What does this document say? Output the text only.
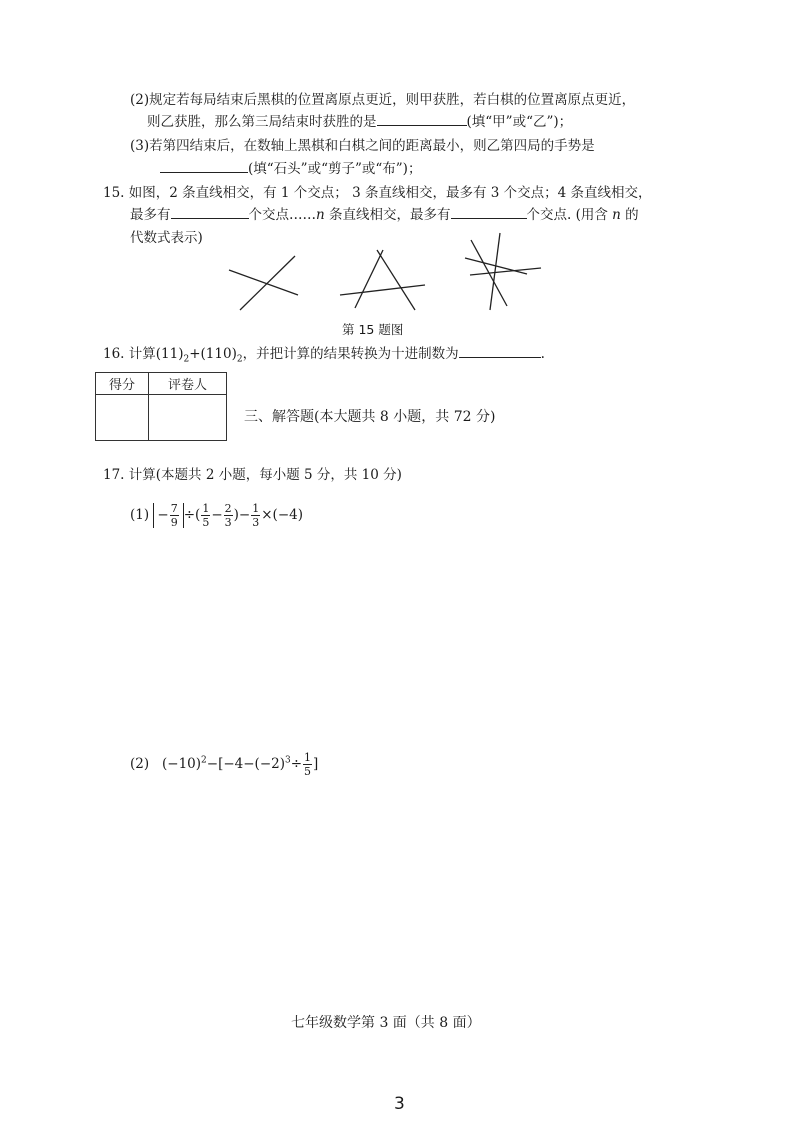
(2)规定若每局结束后黑棋的位置离原点更近，则甲获胜，若白棋的位置离原点更近，
则乙获胜，那么第三局结束时获胜的是	(填“甲”或“乙”)；
(3)若第四结束后，在数轴上黑棋和白棋之间的距离最小，则乙第四局的手势是
(填“石头”或“剪子”或“布”)；
15. 如图，2 条直线相交，有 1 个交点； 3 条直线相交，最多有 3 个交点；4 条直线相交，
最多有	个交点……n 条直线相交，最多有	个交点. (用含 n 的
代数式表示)
第 15 题图
16. 计算$(11)_2+(110)_2$，并把计算的结果转换为十进制数为	.
得分	评卷人

三、解答题(本大题共 8 小题，共 72 分)
17. 计算(本题共 2 小题，每小题 5 分，共 10 分)
$(1) - \frac{7}{9}$ ÷( $\frac{1}{5} - \frac{2}{3}$ )− $\frac{1}{3} \times(-4)$
(2) $(-10)^2-[-4-(-2)^3\div \frac{1}{5}$ ]
七年级数学第 3 面（共 8 面）
3
